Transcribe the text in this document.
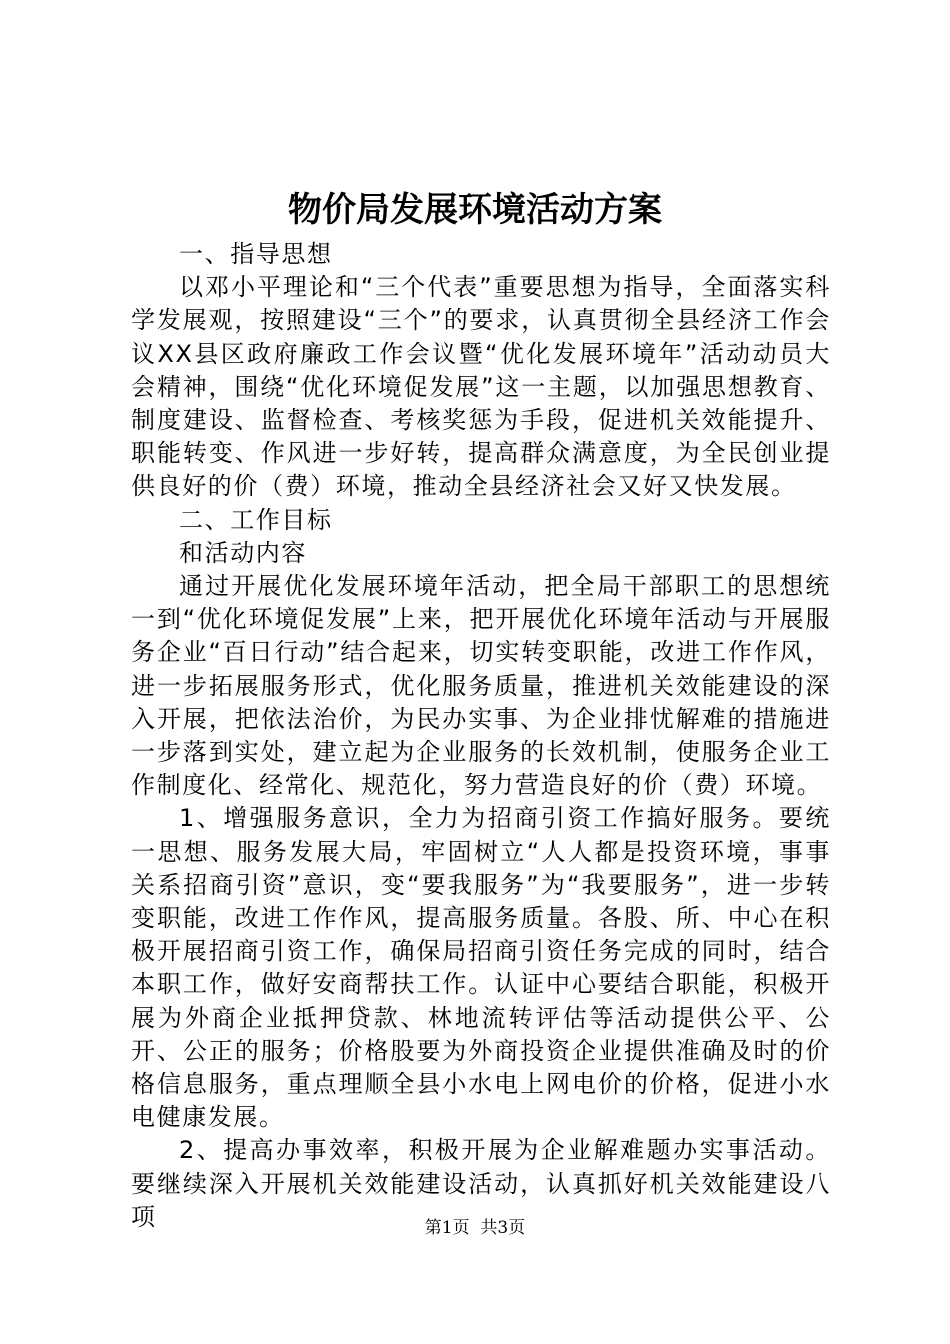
物价局发展环境活动方案

一、指导思想

以邓小平理论和“三个代表”重要思想为指导，全面落实科学发展观，按照建设“三个”的要求，认真贯彻全县经济工作会议XX县区政府廉政工作会议暨“优化发展环境年”活动动员大会精神，围绕“优化环境促发展”这一主题，以加强思想教育、制度建设、监督检查、考核奖惩为手段，促进机关效能提升、职能转变、作风进一步好转，提高群众满意度，为全民创业提供良好的价（费）环境，推动全县经济社会又好又快发展。

二、工作目标

和活动内容

通过开展优化发展环境年活动，把全局干部职工的思想统一到“优化环境促发展”上来，把开展优化环境年活动与开展服务企业“百日行动”结合起来，切实转变职能，改进工作作风，进一步拓展服务形式，优化服务质量，推进机关效能建设的深入开展，把依法治价，为民办实事、为企业排忧解难的措施进一步落到实处，建立起为企业服务的长效机制，使服务企业工作制度化、经常化、规范化，努力营造良好的价（费）环境。

1、增强服务意识，全力为招商引资工作搞好服务。要统一思想、服务发展大局，牢固树立“人人都是投资环境，事事关系招商引资”意识，变“要我服务”为“我要服务”，进一步转变职能，改进工作作风，提高服务质量。各股、所、中心在积极开展招商引资工作，确保局招商引资任务完成的同时，结合本职工作，做好安商帮扶工作。认证中心要结合职能，积极开展为外商企业抵押贷款、林地流转评估等活动提供公平、公开、公正的服务；价格股要为外商投资企业提供准确及时的价格信息服务，重点理顺全县小水电上网电价的价格，促进小水电健康发展。

2、提高办事效率，积极开展为企业解难题办实事活动。要继续深入开展机关效能建设活动，认真抓好机关效能建设八项	第1页 共3页
